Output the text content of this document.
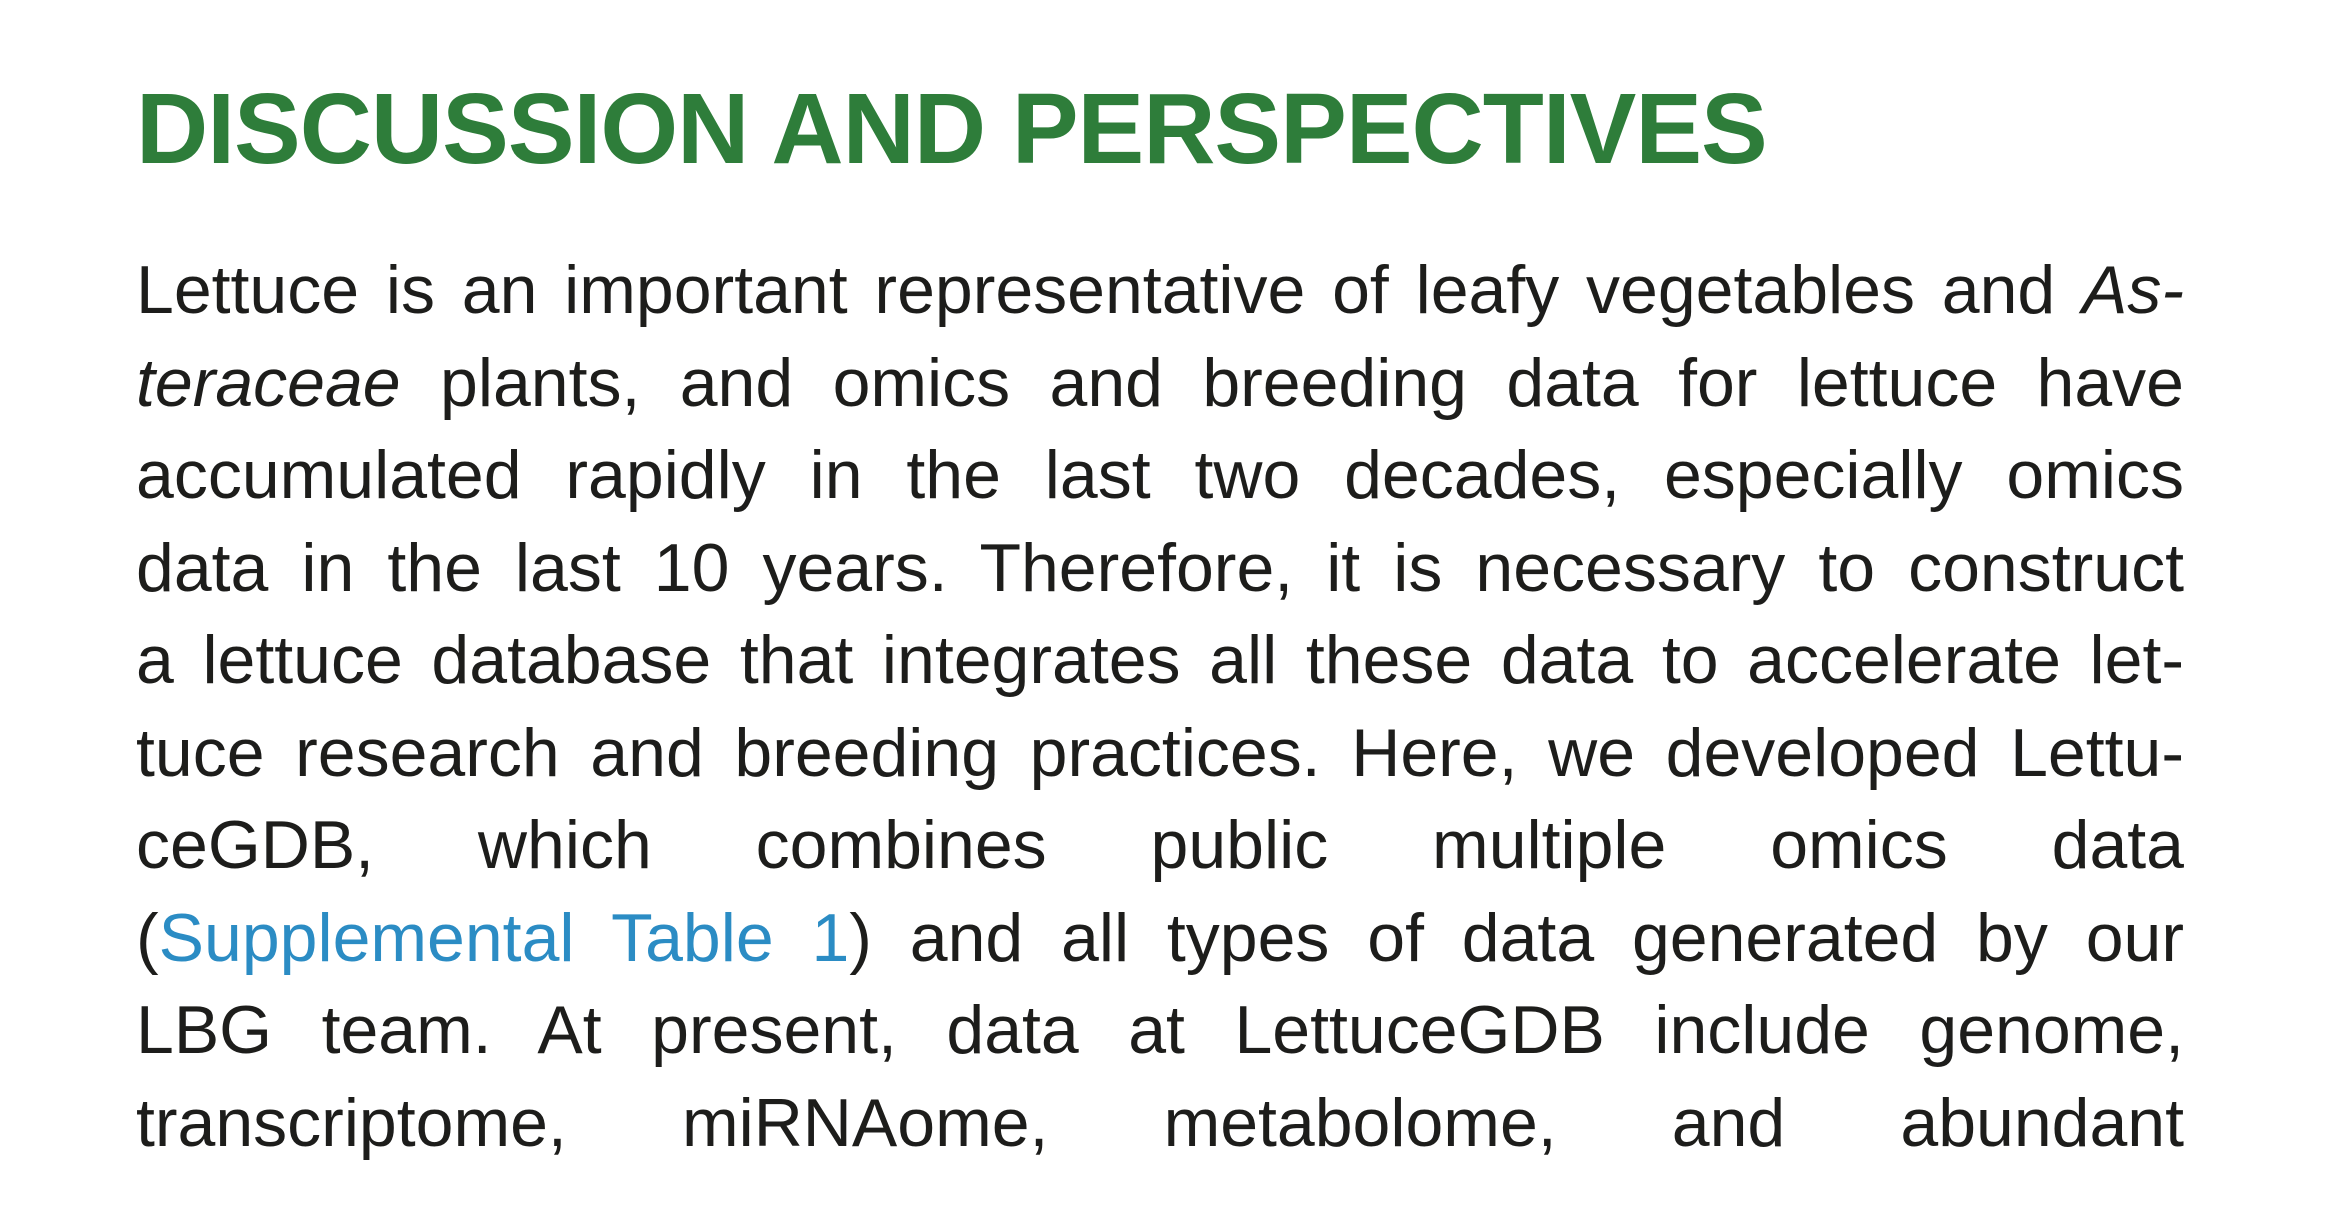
DISCUSSION AND PERSPECTIVES
Lettuce is an important representative of leafy vegetables and As-
teraceae plants, and omics and breeding data for lettuce have
accumulated rapidly in the last two decades, especially omics
data in the last 10 years. Therefore, it is necessary to construct
a lettuce database that integrates all these data to accelerate let-
tuce research and breeding practices. Here, we developed Lettu-
ceGDB, which combines public multiple omics data
(Supplemental Table 1) and all types of data generated by our
LBG team. At present, data at LettuceGDB include genome,
transcriptome, miRNAome, metabolome, and abundant
